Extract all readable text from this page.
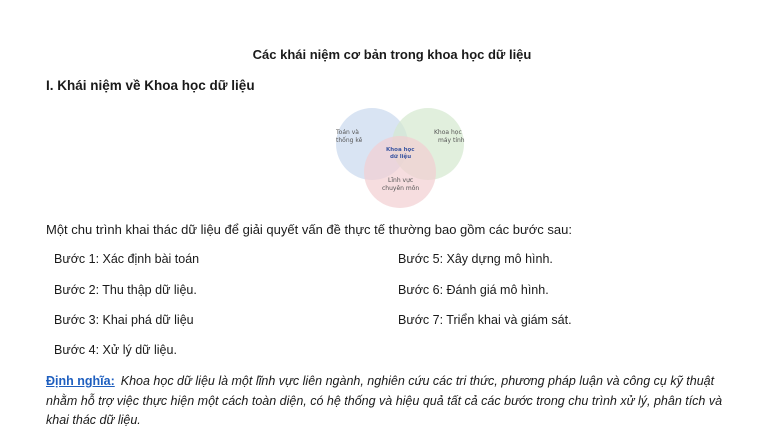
Các khái niệm cơ bản trong khoa học dữ liệu
I. Khái niệm về Khoa học dữ liệu
Toán và
thống kê
Khoa học
máy tính
Lĩnh vực
chuyên môn
Khoa học
dữ liệu
Một chu trình khai thác dữ liệu để giải quyết vấn đề thực tế thường bao gồm các bước sau:
Bước 1: Xác định bài toán
Bước 2: Thu thập dữ liệu.
Bước 3: Khai phá dữ liệu
Bước 4: Xử lý dữ liệu.
Bước 5: Xây dựng mô hình.
Bước 6: Đánh giá mô hình.
Bước 7: Triển khai và giám sát.
Định nghĩa: Khoa học dữ liệu là một lĩnh vực liên ngành, nghiên cứu các tri thức, phương pháp luận và công cụ kỹ thuật nhằm hỗ trợ việc thực hiện một cách toàn diện, có hệ thống và hiệu quả tất cả các bước trong chu trình xử lý, phân tích và khai thác dữ liệu.
